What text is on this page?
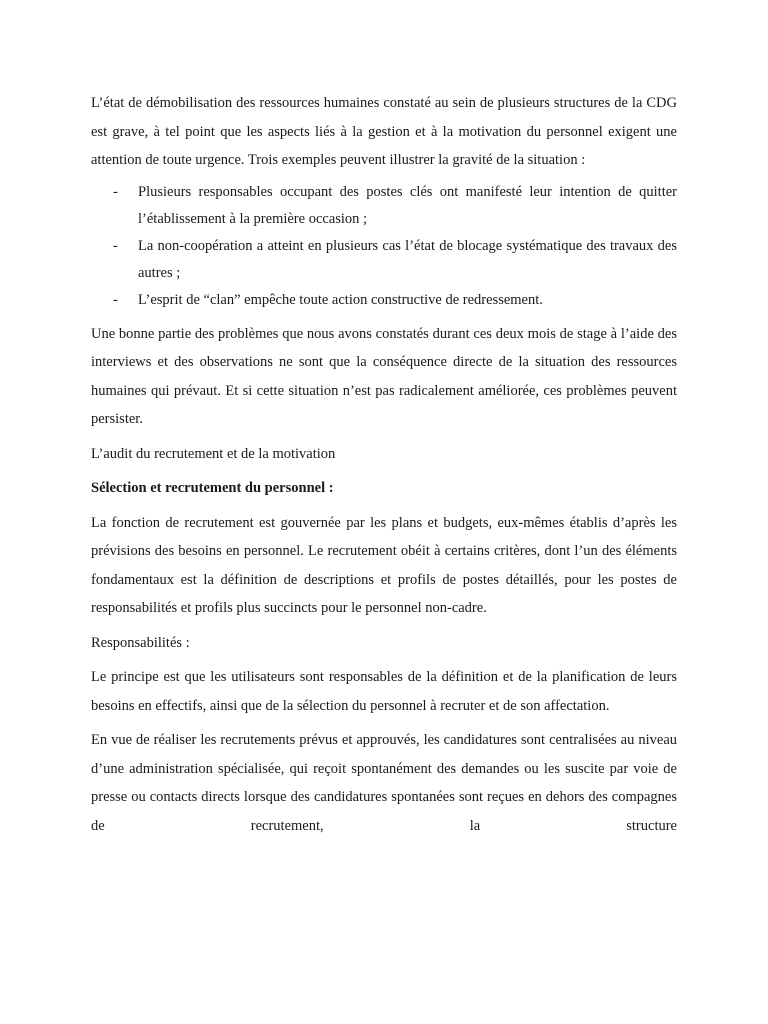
L’état de démobilisation des ressources humaines constaté au sein de plusieurs structures de la CDG est grave, à tel point que les aspects liés à la gestion et à la motivation du personnel exigent une attention de toute urgence. Trois exemples peuvent illustrer la gravité de la situation :

- Plusieurs responsables occupant des postes clés ont manifesté leur intention de quitter l’établissement à la première occasion ;
- La non-coopération a atteint en plusieurs cas l’état de blocage systématique des travaux des autres ;
- L’esprit de “clan” empêche toute action constructive de redressement.

Une bonne partie des problèmes que nous avons constatés durant ces deux mois de stage à l’aide des interviews et des observations ne sont que la conséquence directe de la situation des ressources humaines qui prévaut. Et si cette situation n’est pas radicalement améliorée, ces problèmes peuvent persister.

L’audit du recrutement et de la motivation

Sélection et recrutement du personnel :

La fonction de recrutement est gouvernée par les plans et budgets, eux-mêmes établis d’après les prévisions des besoins en personnel. Le recrutement obéit à certains critères, dont l’un des éléments fondamentaux est la définition de descriptions et profils de postes détaillés, pour les postes de responsabilités et profils plus succincts pour le personnel non-cadre.

Responsabilités :

Le principe est que les utilisateurs sont responsables de la définition et de la planification de leurs besoins en effectifs, ainsi que de la sélection du personnel à recruter et de son affectation.

En vue de réaliser les recrutements prévus et approuvés, les candidatures sont centralisées au niveau d’une administration spécialisée, qui reçoit spontanément des demandes ou les suscite par voie de presse ou contacts directs lorsque des candidatures spontanées sont reçues en dehors des compagnes de recrutement, la structure
